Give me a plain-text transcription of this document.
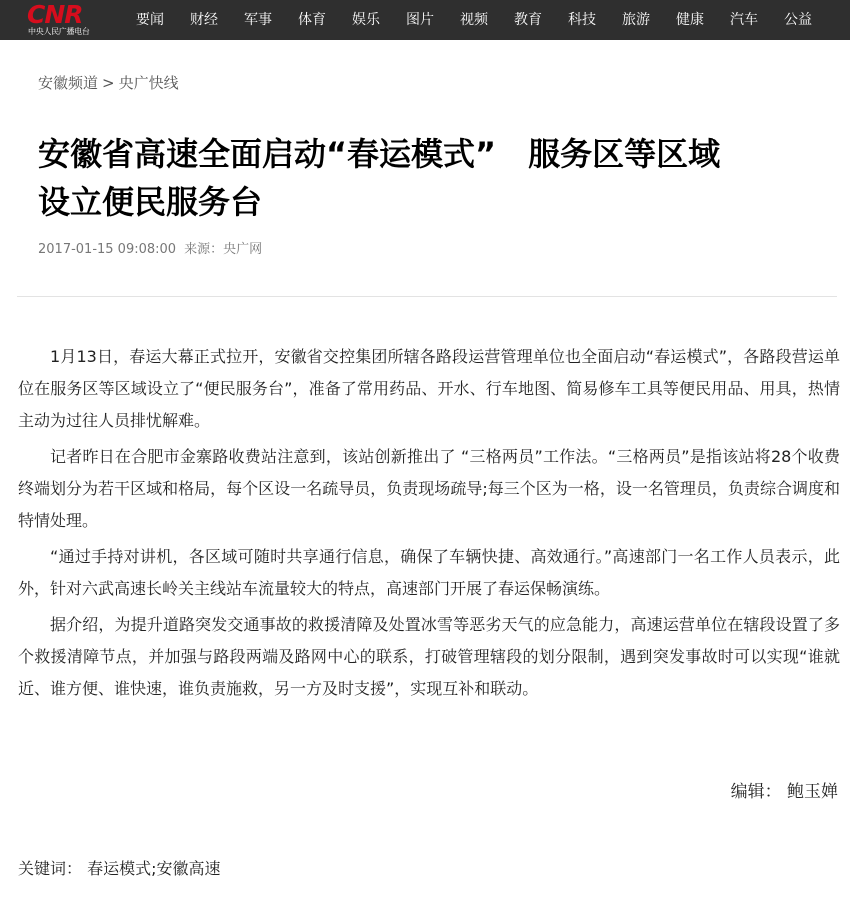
CNR
中央人民广播电台
要闻	财经	军事	体育	娱乐	图片	视频	教育	科技	旅游	健康	汽车	公益
安徽频道 > 央广快线
安徽省高速全面启动“春运模式”　服务区等区域
设立便民服务台
2017-01-15 09:08:00 来源：央广网

1月13日，春运大幕正式拉开，安徽省交控集团所辖各路段运营管理单位也全面启动“春运模式”，各路段营运单位在服务区等区域设立了“便民服务台”，准备了常用药品、开水、行车地图、简易修车工具等便民用品、用具，热情主动为过往人员排忧解难。

记者昨日在合肥市金寨路收费站注意到，该站创新推出了 “三格两员”工作法。“三格两员”是指该站将28个收费终端划分为若干区域和格局，每个区设一名疏导员，负责现场疏导;每三个区为一格，设一名管理员，负责综合调度和特情处理。

“通过手持对讲机，各区域可随时共享通行信息，确保了车辆快捷、高效通行。”高速部门一名工作人员表示，此外，针对六武高速长岭关主线站车流量较大的特点，高速部门开展了春运保畅演练。

据介绍，为提升道路突发交通事故的救援清障及处置冰雪等恶劣天气的应急能力，高速运营单位在辖段设置了多个救援清障节点，并加强与路段两端及路网中心的联系，打破管理辖段的划分限制，遇到突发事故时可以实现“谁就近、谁方便、谁快速，谁负责施救，另一方及时支援”，实现互补和联动。

编辑： 鲍玉婵
关键词： 春运模式;安徽高速
